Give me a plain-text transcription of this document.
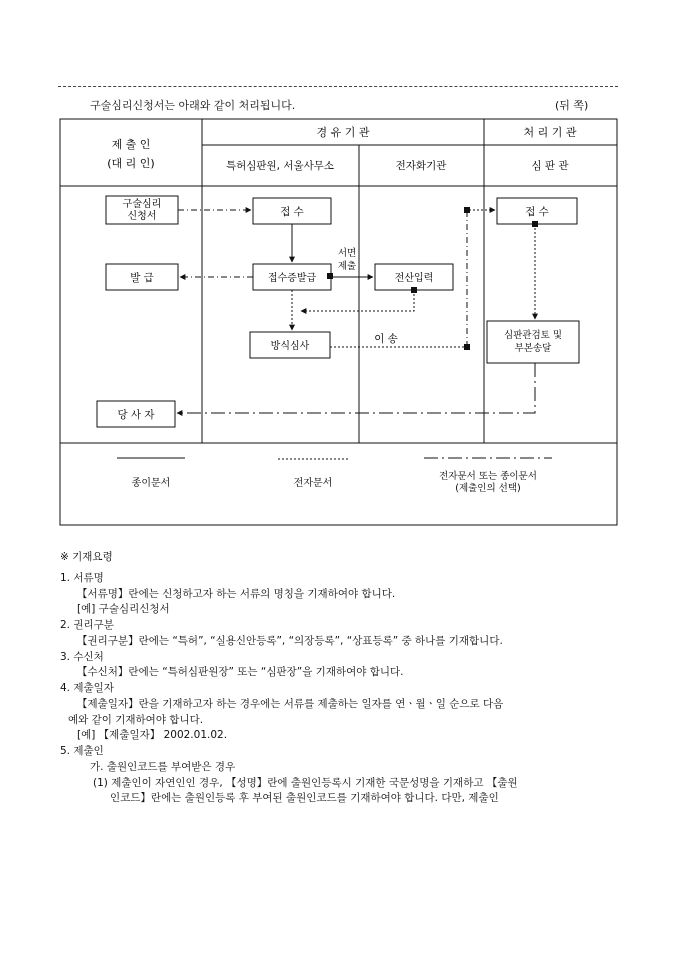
구술심리신청서는 아래와 같이 처리됩니다.	(뒤 쪽)
제 출 인
(대 리 인)
경 유 기 관	처 리 기 관
특허심판원, 서울사무소	전자화기관	심 판 관
구술심리
신청서	접 수	접 수
발 급	접수증발급	전산입력
방식심사
심판관검토 및
부본송달
당 사 자
서면
제출
이 송
종이문서	전자문서
전자문서 또는 종이문서
(제출인의 선택)

※ 기재요령

1. 서류명

【서류명】란에는 신청하고자 하는 서류의 명칭을 기재하여야 합니다.

[예] 구술심리신청서

2. 권리구분

【권리구분】란에는 “특허”, “실용신안등록”, “의장등록”, “상표등록” 중 하나를 기재합니다.

3. 수신처

【수신처】란에는 “특허심판원장” 또는 “심판장”을 기재하여야 합니다.

4. 제출일자

【제출일자】란을 기재하고자 하는 경우에는 서류를 제출하는 일자를 연ㆍ월ㆍ일 순으로 다음

예와 같이 기재하여야 합니다.

[예] 【제출일자】 2002.01.02.

5. 제출인

가. 출원인코드를 부여받은 경우

(1) 제출인이 자연인인 경우, 【성명】란에 출원인등록시 기재한 국문성명을 기재하고 【출원

인코드】란에는 출원인등록 후 부여된 출원인코드를 기재하여야 합니다. 다만, 제출인
